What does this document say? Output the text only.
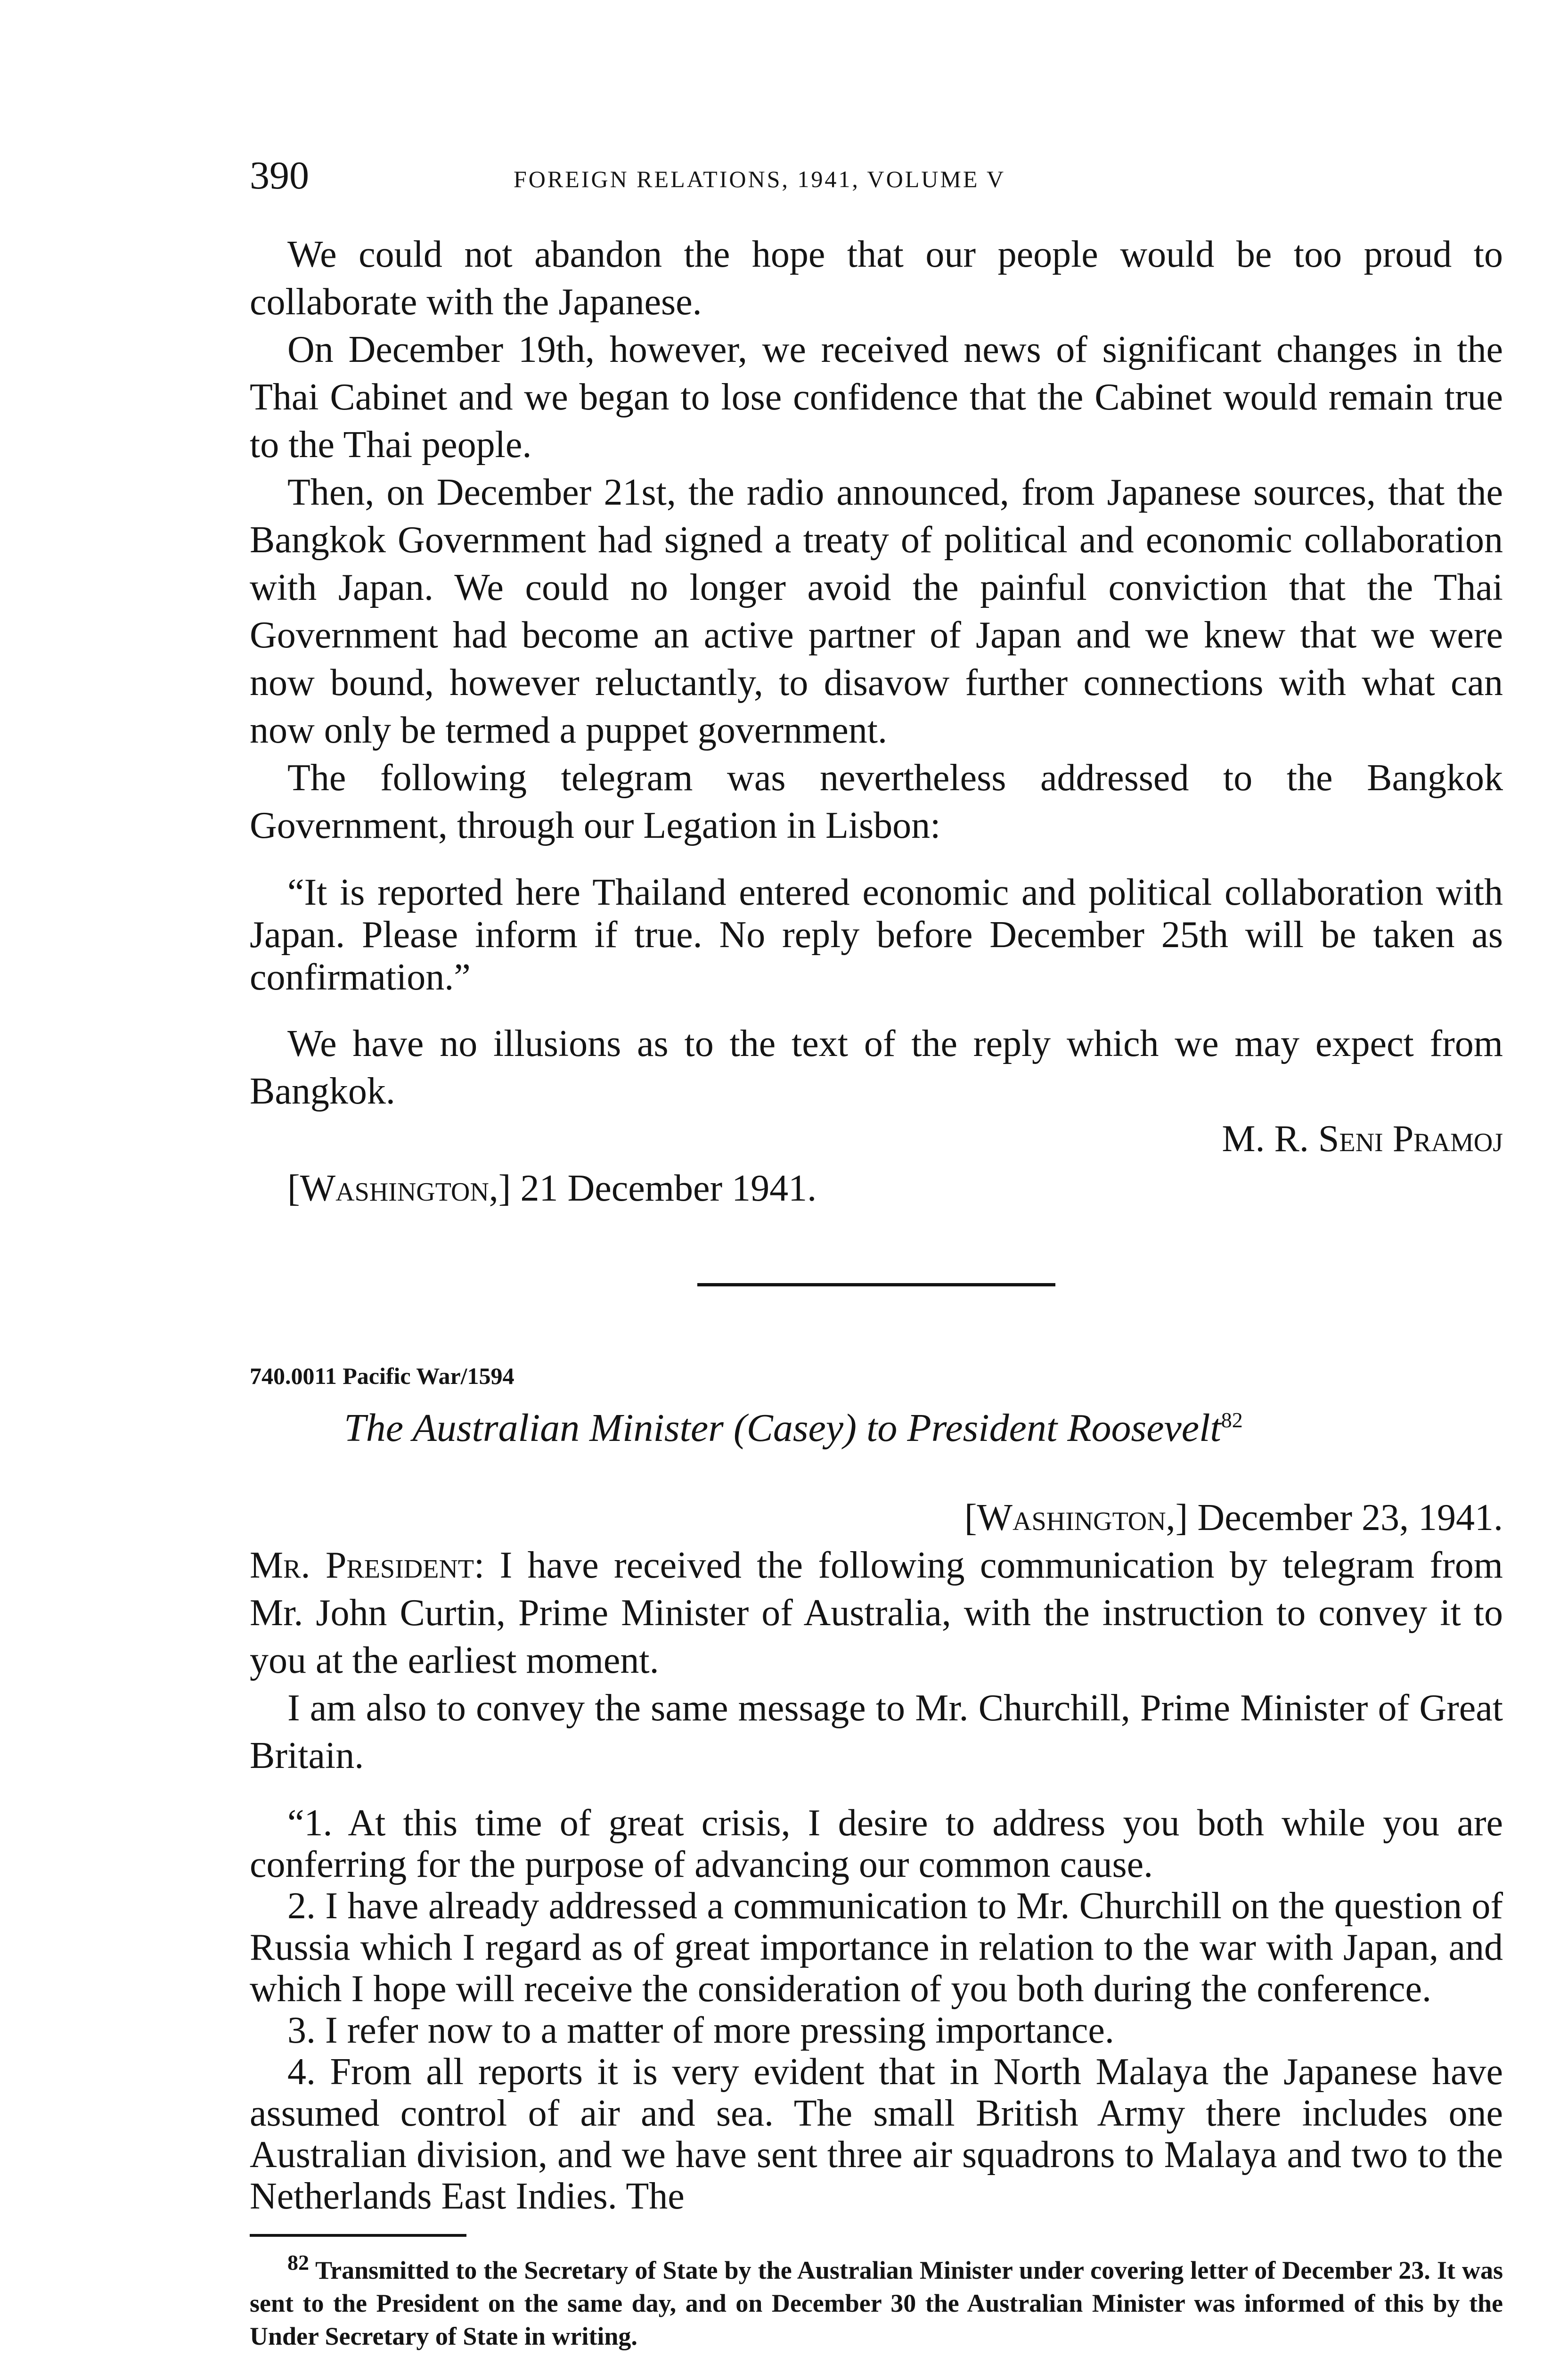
390	FOREIGN RELATIONS, 1941, VOLUME V

We could not abandon the hope that our people would be too proud to collaborate with the Japanese.

On December 19th, however, we received news of significant changes in the Thai Cabinet and we began to lose confidence that the Cabinet would remain true to the Thai people.

Then, on December 21st, the radio announced, from Japanese sources, that the Bangkok Government had signed a treaty of political and economic collaboration with Japan. We could no longer avoid the painful conviction that the Thai Government had become an active partner of Japan and we knew that we were now bound, however reluctantly, to disavow further connections with what can now only be termed a puppet government.

The following telegram was nevertheless addressed to the Bangkok Government, through our Legation in Lisbon:

“It is reported here Thailand entered economic and political collaboration with Japan. Please inform if true. No reply before December 25th will be taken as confirmation.”

We have no illusions as to the text of the reply which we may expect from Bangkok.

M. R. Seni Pramoj

[Washington,] 21 December 1941.

740.0011 Pacific War/1594

The Australian Minister (Casey) to President Roosevelt$^{82}$

[Washington,] December 23, 1941.

Mr. President: I have received the following communication by telegram from Mr. John Curtin, Prime Minister of Australia, with the instruction to convey it to you at the earliest moment.

I am also to convey the same message to Mr. Churchill, Prime Minister of Great Britain.

“1. At this time of great crisis, I desire to address you both while you are conferring for the purpose of advancing our common cause.

2. I have already addressed a communication to Mr. Churchill on the question of Russia which I regard as of great importance in relation to the war with Japan, and which I hope will receive the consideration of you both during the conference.

3. I refer now to a matter of more pressing importance.

4. From all reports it is very evident that in North Malaya the Japanese have assumed control of air and sea. The small British Army there includes one Australian division, and we have sent three air squadrons to Malaya and two to the Netherlands East Indies. The

$^{82}$ Transmitted to the Secretary of State by the Australian Minister under covering letter of December 23. It was sent to the President on the same day, and on December 30 the Australian Minister was informed of this by the Under Secretary of State in writing.
